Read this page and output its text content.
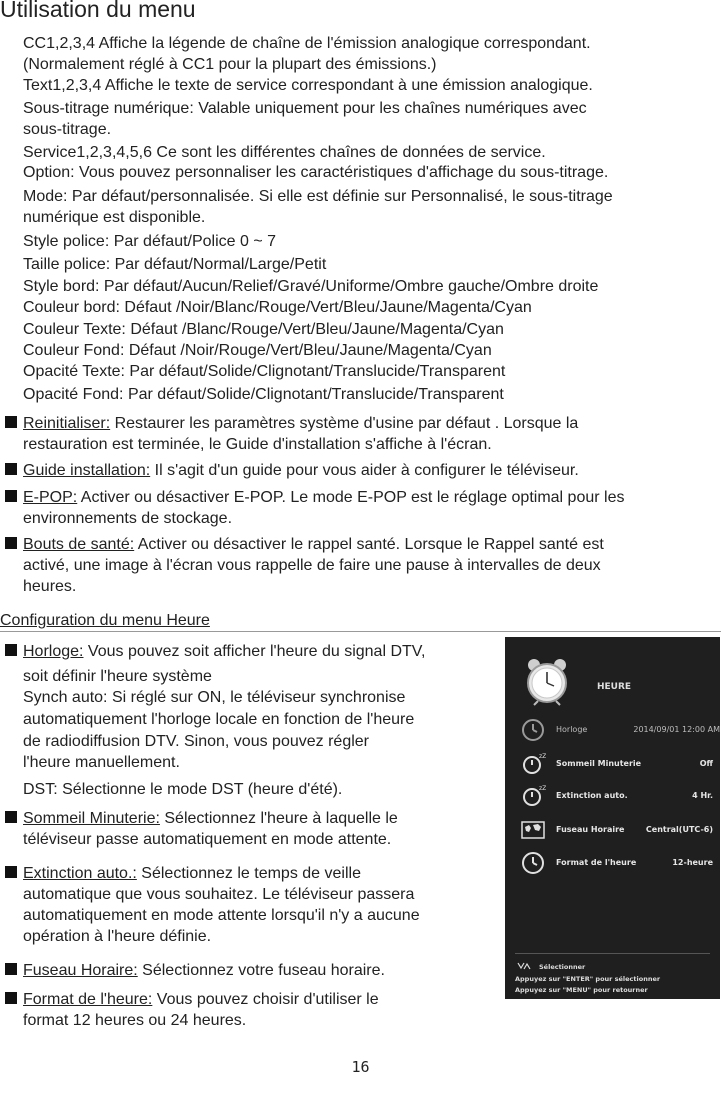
Utilisation du menu
CC1,2,3,4 Affiche la légende de chaîne de l'émission analogique correspondant.
(Normalement réglé à CC1 pour la plupart des émissions.)
Text1,2,3,4 Affiche le texte de service correspondant à une émission analogique.
Sous-titrage numérique: Valable uniquement pour les chaînes numériques avec
sous-titrage.
Service1,2,3,4,5,6 Ce sont les différentes chaînes de données de service.
Option: Vous pouvez personnaliser les caractéristiques d'affichage du sous-titrage.
Mode: Par défaut/personnalisée. Si elle est définie sur Personnalisé, le sous-titrage
numérique est disponible.
Style police: Par défaut/Police 0 ~ 7
Taille police: Par défaut/Normal/Large/Petit
Style bord: Par défaut/Aucun/Relief/Gravé/Uniforme/Ombre gauche/Ombre droite
Couleur bord: Défaut /Noir/Blanc/Rouge/Vert/Bleu/Jaune/Magenta/Cyan
Couleur Texte: Défaut /Blanc/Rouge/Vert/Bleu/Jaune/Magenta/Cyan
Couleur Fond: Défaut /Noir/Rouge/Vert/Bleu/Jaune/Magenta/Cyan
Opacité Texte: Par défaut/Solide/Clignotant/Translucide/Transparent
Opacité Fond: Par défaut/Solide/Clignotant/Translucide/Transparent
Reinitialiser: Restaurer les paramètres système d'usine par défaut . Lorsque la
restauration est terminée, le Guide d'installation s'affiche à l'écran.
Guide installation: Il s'agit d'un guide pour vous aider à configurer le téléviseur.
E-POP: Activer ou désactiver E-POP. Le mode E-POP est le réglage optimal pour les
environnements de stockage.
Bouts de santé: Activer ou désactiver le rappel santé. Lorsque le Rappel santé est
activé, une image à l'écran vous rappelle de faire une pause à intervalles de deux
heures.
Configuration du menu Heure
Horloge: Vous pouvez soit afficher l'heure du signal DTV,
soit définir l'heure système
Synch auto: Si réglé sur ON, le téléviseur synchronise
automatiquement l'horloge locale en fonction de l'heure
de radiodiffusion DTV. Sinon, vous pouvez régler
l'heure manuellement.
DST: Sélectionne le mode DST (heure d'été).
Sommeil Minuterie: Sélectionnez l'heure à laquelle le
téléviseur passe automatiquement en mode attente.
Extinction auto.: Sélectionnez le temps de veille
automatique que vous souhaitez. Le téléviseur passera
automatiquement en mode attente lorsqu'il n'y a aucune
opération à l'heure définie.
Fuseau Horaire: Sélectionnez votre fuseau horaire.
Format de l'heure: Vous pouvez choisir d'utiliser le
format 12 heures ou 24 heures.
HEURE
Horloge	2014/09/01 12:00 AM
zZ
Sommeil Minuterie	Off
zZ
Extinction auto.	4 Hr.
Fuseau Horaire	Central(UTC-6)
Format de l'heure	12-heure
Sélectionner
Appuyez sur "ENTER" pour sélectionner
Appuyez sur "MENU" pour retourner
16
